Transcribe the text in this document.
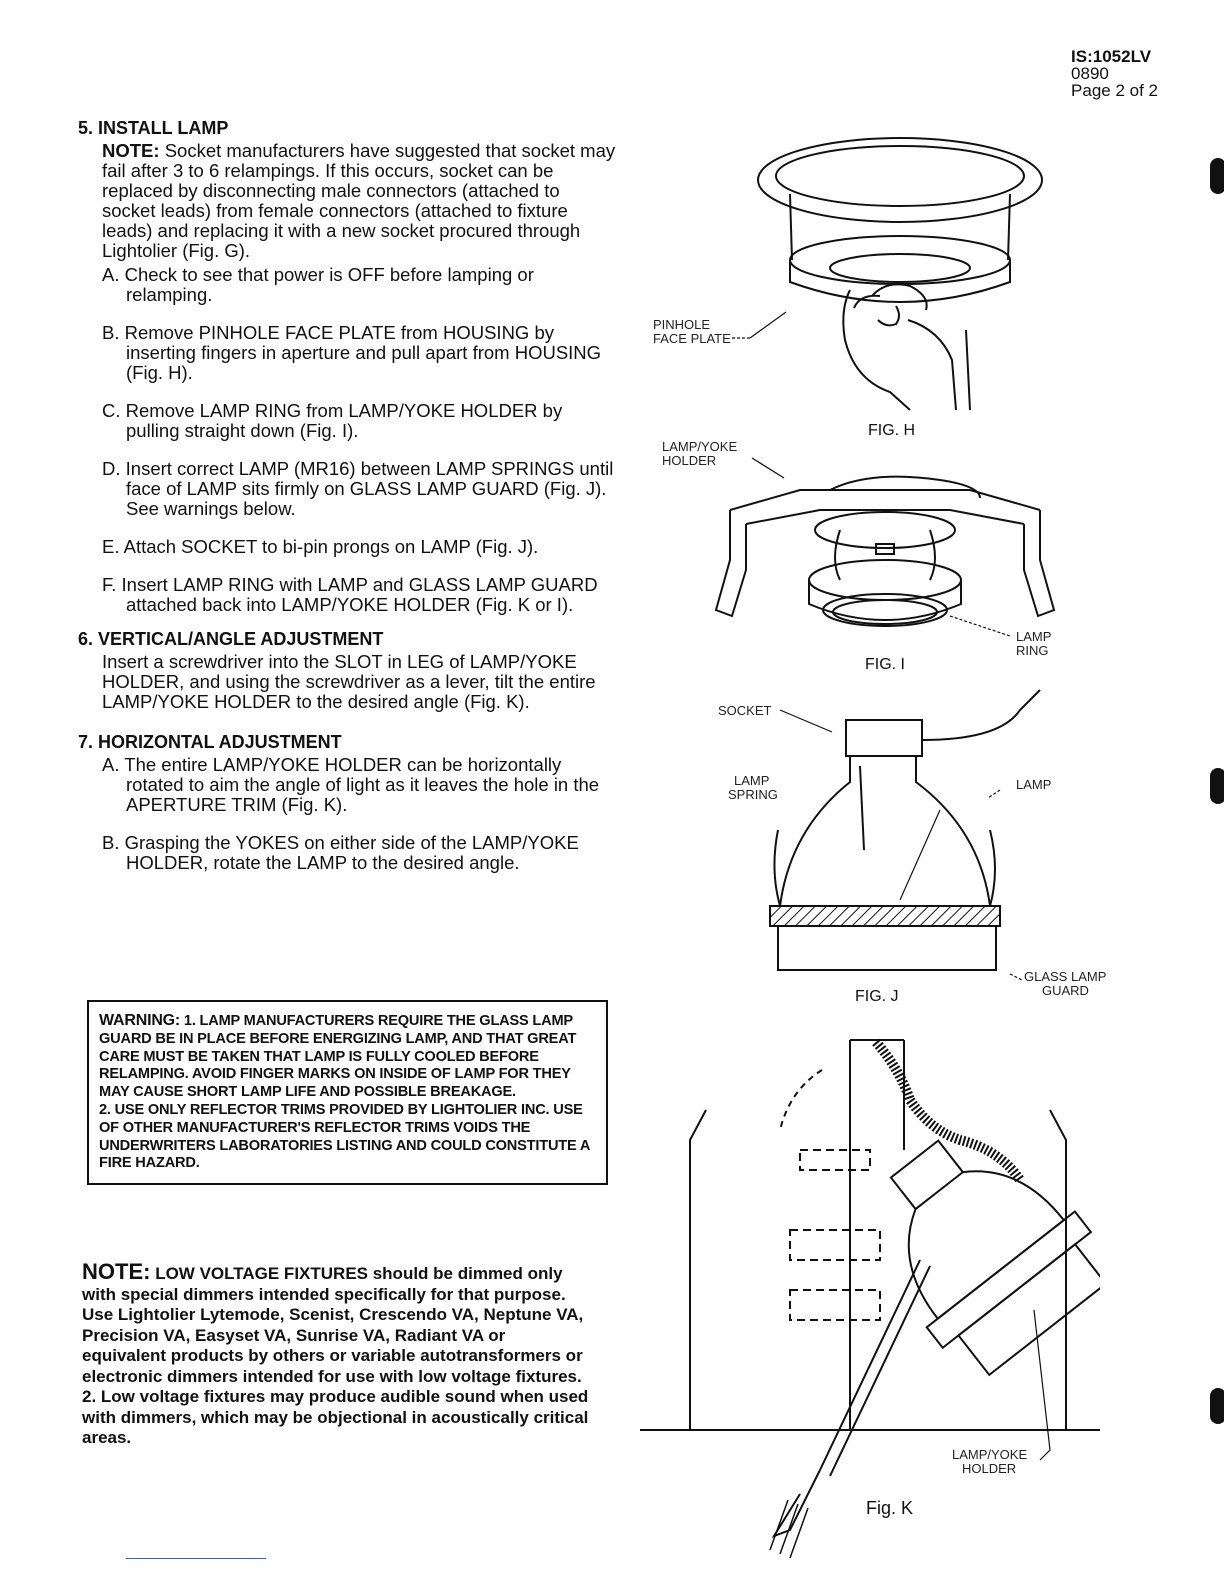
IS:1052LV
0890
Page 2 of 2
5. INSTALL LAMP
NOTE: Socket manufacturers have suggested that socket may fail after 3 to 6 relampings. If this occurs, socket can be replaced by disconnecting male connectors (attached to socket leads) from female connectors (attached to fixture leads) and replacing it with a new socket procured through Lightolier (Fig. G).
A. Check to see that power is OFF before lamping or relamping.
B. Remove PINHOLE FACE PLATE from HOUSING by inserting fingers in aperture and pull apart from HOUSING (Fig. H).
C. Remove LAMP RING from LAMP/YOKE HOLDER by pulling straight down (Fig. I).
D. Insert correct LAMP (MR16) between LAMP SPRINGS until face of LAMP sits firmly on GLASS LAMP GUARD (Fig. J). See warnings below.
E. Attach SOCKET to bi-pin prongs on LAMP (Fig. J).
F. Insert LAMP RING with LAMP and GLASS LAMP GUARD attached back into LAMP/YOKE HOLDER (Fig. K or I).
6. VERTICAL/ANGLE ADJUSTMENT
Insert a screwdriver into the SLOT in LEG of LAMP/YOKE HOLDER, and using the screwdriver as a lever, tilt the entire LAMP/YOKE HOLDER to the desired angle (Fig. K).
7. HORIZONTAL ADJUSTMENT
A. The entire LAMP/YOKE HOLDER can be horizontally rotated to aim the angle of light as it leaves the hole in the APERTURE TRIM (Fig. K).
B. Grasping the YOKES on either side of the LAMP/YOKE HOLDER, rotate the LAMP to the desired angle.
WARNING: 1. LAMP MANUFACTURERS REQUIRE THE GLASS LAMP GUARD BE IN PLACE BEFORE ENERGIZING LAMP, AND THAT GREAT CARE MUST BE TAKEN THAT LAMP IS FULLY COOLED BEFORE RELAMPING. AVOID FINGER MARKS ON INSIDE OF LAMP FOR THEY MAY CAUSE SHORT LAMP LIFE AND POSSIBLE BREAKAGE.
2. USE ONLY REFLECTOR TRIMS PROVIDED BY LIGHTOLIER INC. USE OF OTHER MANUFACTURER'S REFLECTOR TRIMS VOIDS THE UNDERWRITERS LABORATORIES LISTING AND COULD CONSTITUTE A FIRE HAZARD.
NOTE: LOW VOLTAGE FIXTURES should be dimmed only with special dimmers intended specifically for that purpose. Use Lightolier Lytemode, Scenist, Crescendo VA, Neptune VA, Precision VA, Easyset VA, Sunrise VA, Radiant VA or equivalent products by others or variable autotransformers or electronic dimmers intended for use with low voltage fixtures. 2. Low voltage fixtures may produce audible sound when used with dimmers, which may be objectional in acoustically critical areas.
PINHOLE
FACE PLATE
FIG. H
LAMP/YOKE
HOLDER
LAMP
RING
FIG. I
SOCKET
LAMP
SPRING
LAMP
GLASS LAMP
GUARD
FIG. J
LAMP/YOKE
HOLDER
Fig. K
